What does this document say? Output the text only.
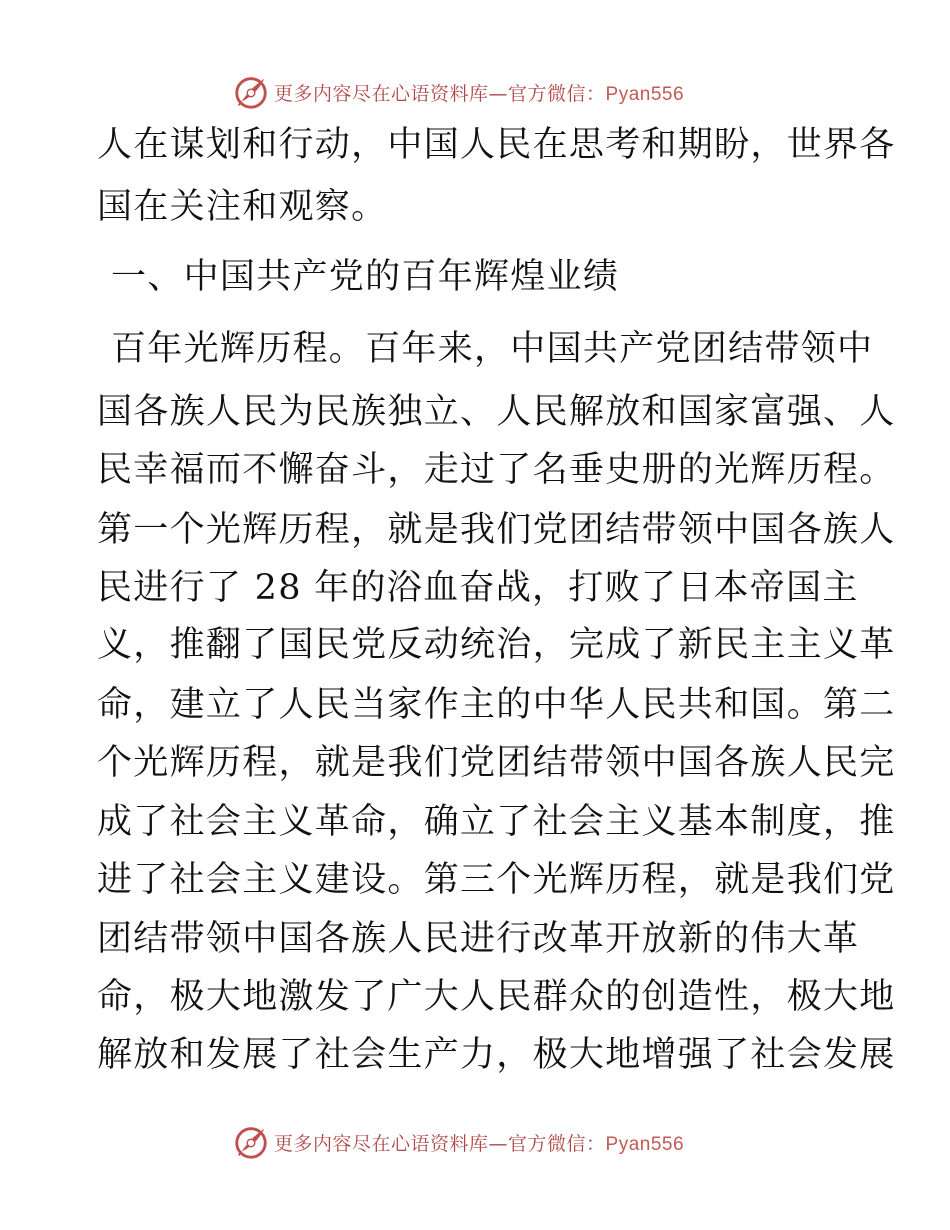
更多内容尽在心语资料库—官方微信：Pyan556
人在谋划和行动，中国人民在思考和期盼，世界各
国在关注和观察。
一、中国共产党的百年辉煌业绩
百年光辉历程。百年来，中国共产党团结带领中
国各族人民为民族独立、人民解放和国家富强、人
民幸福而不懈奋斗，走过了名垂史册的光辉历程。
第一个光辉历程，就是我们党团结带领中国各族人
民进行了 28 年的浴血奋战，打败了日本帝国主
义，推翻了国民党反动统治，完成了新民主主义革
命，建立了人民当家作主的中华人民共和国。第二
个光辉历程，就是我们党团结带领中国各族人民完
成了社会主义革命，确立了社会主义基本制度，推
进了社会主义建设。第三个光辉历程，就是我们党
团结带领中国各族人民进行改革开放新的伟大革
命，极大地激发了广大人民群众的创造性，极大地
解放和发展了社会生产力，极大地增强了社会发展
更多内容尽在心语资料库—官方微信：Pyan556
